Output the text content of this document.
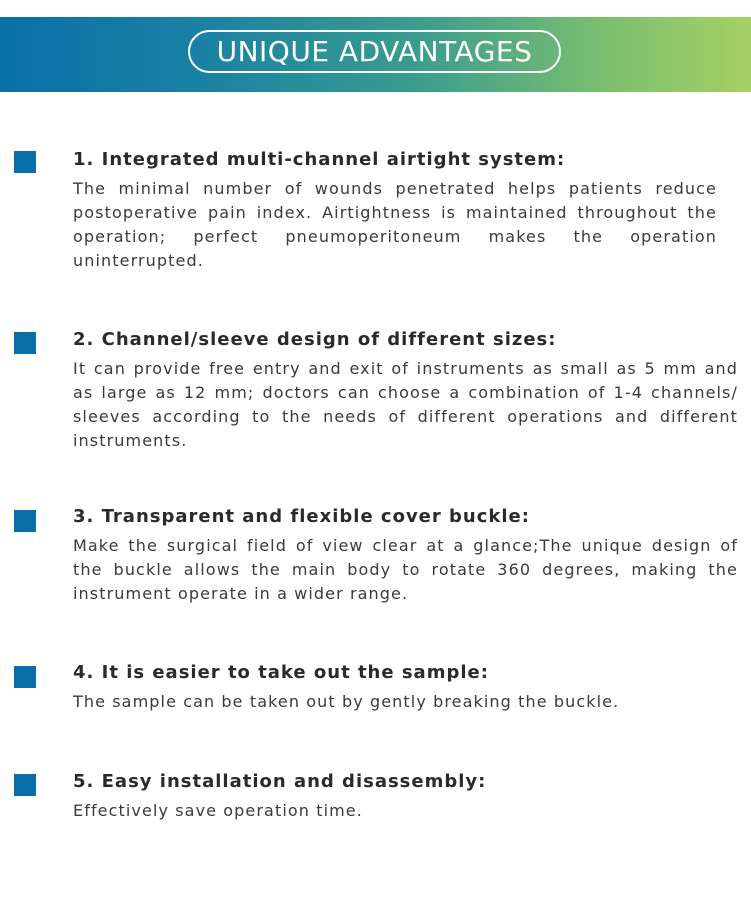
UNIQUE ADVANTAGES
1. Integrated multi-channel airtight system:

The minimal number of wounds penetrated helps patients reduce postoperative pain index. Airtightness is maintained throughout the operation; perfect pneumoperitoneum makes the operation uninterrupted.

2. Channel/sleeve design of different sizes:

It can provide free entry and exit of instruments as small as 5 mm and as large as 12 mm; doctors can choose a combination of 1-4 channels/ sleeves according to the needs of different operations and different instruments.

3. Transparent and flexible cover buckle:

Make the surgical field of view clear at a glance;The unique design of the buckle allows the main body to rotate 360 degrees, making the instrument operate in a wider range.

4. It is easier to take out the sample:

The sample can be taken out by gently breaking the buckle.

5. Easy installation and disassembly:

Effectively save operation time.
